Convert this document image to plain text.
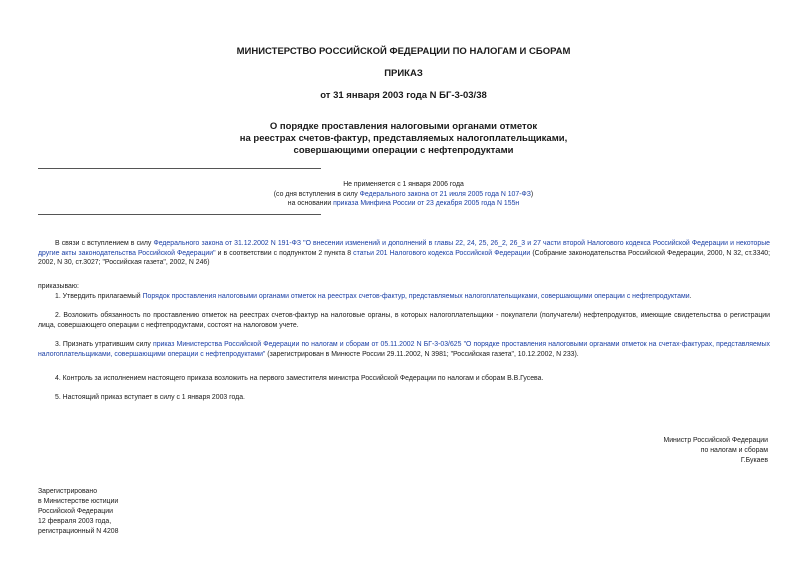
МИНИСТЕРСТВО РОССИЙСКОЙ ФЕДЕРАЦИИ ПО НАЛОГАМ И СБОРАМ
ПРИКАЗ
от 31 января 2003 года N БГ-3-03/38
О порядке проставления налоговыми органами отметок
на реестрах счетов-фактур, представляемых налогоплательщиками,
совершающими операции с нефтепродуктами
Не применяется с 1 января 2006 года
(со дня вступления в силу Федерального закона от 21 июля 2005 года N 107-ФЗ)
на основании приказа Минфина России от 23 декабря 2005 года N 155н
В связи с вступлением в силу Федерального закона от 31.12.2002 N 191-ФЗ "О внесении изменений и дополнений в главы 22, 24, 25, 26_2, 26_3 и 27 части второй Налогового кодекса Российской Федерации и некоторые другие акты законодательства Российской Федерации" и в соответствии с подпунктом 2 пункта 8 статьи 201 Налогового кодекса Российской Федерации (Собрание законодательства Российской Федерации, 2000, N 32, ст.3340; 2002, N 30, ст.3027; "Российская газета", 2002, N 246)
приказываю:
1. Утвердить прилагаемый Порядок проставления налоговыми органами отметок на реестрах счетов-фактур, представляемых налогоплательщиками, совершающими операции с нефтепродуктами.
2. Возложить обязанность по проставлению отметок на реестрах счетов-фактур на налоговые органы, в которых налогоплательщики - покупатели (получатели) нефтепродуктов, имеющие свидетельства о регистрации лица, совершающего операции с нефтепродуктами, состоят на налоговом учете.
3. Признать утратившим силу приказ Министерства Российской Федерации по налогам и сборам от 05.11.2002 N БГ-3-03/625 "О порядке проставления налоговыми органами отметок на счетах-фактурах, представляемых налогоплательщиками, совершающими операции с нефтепродуктами" (зарегистрирован в Минюсте России 29.11.2002, N 3981; "Российская газета", 10.12.2002, N 233).
4. Контроль за исполнением настоящего приказа возложить на первого заместителя министра Российской Федерации по налогам и сборам В.В.Гусева.
5. Настоящий приказ вступает в силу с 1 января 2003 года.
Министр Российской Федерации
по налогам и сборам
Г.Букаев
Зарегистрировано
в Министерстве юстиции
Российской Федерации
12 февраля 2003 года,
регистрационный N 4208
